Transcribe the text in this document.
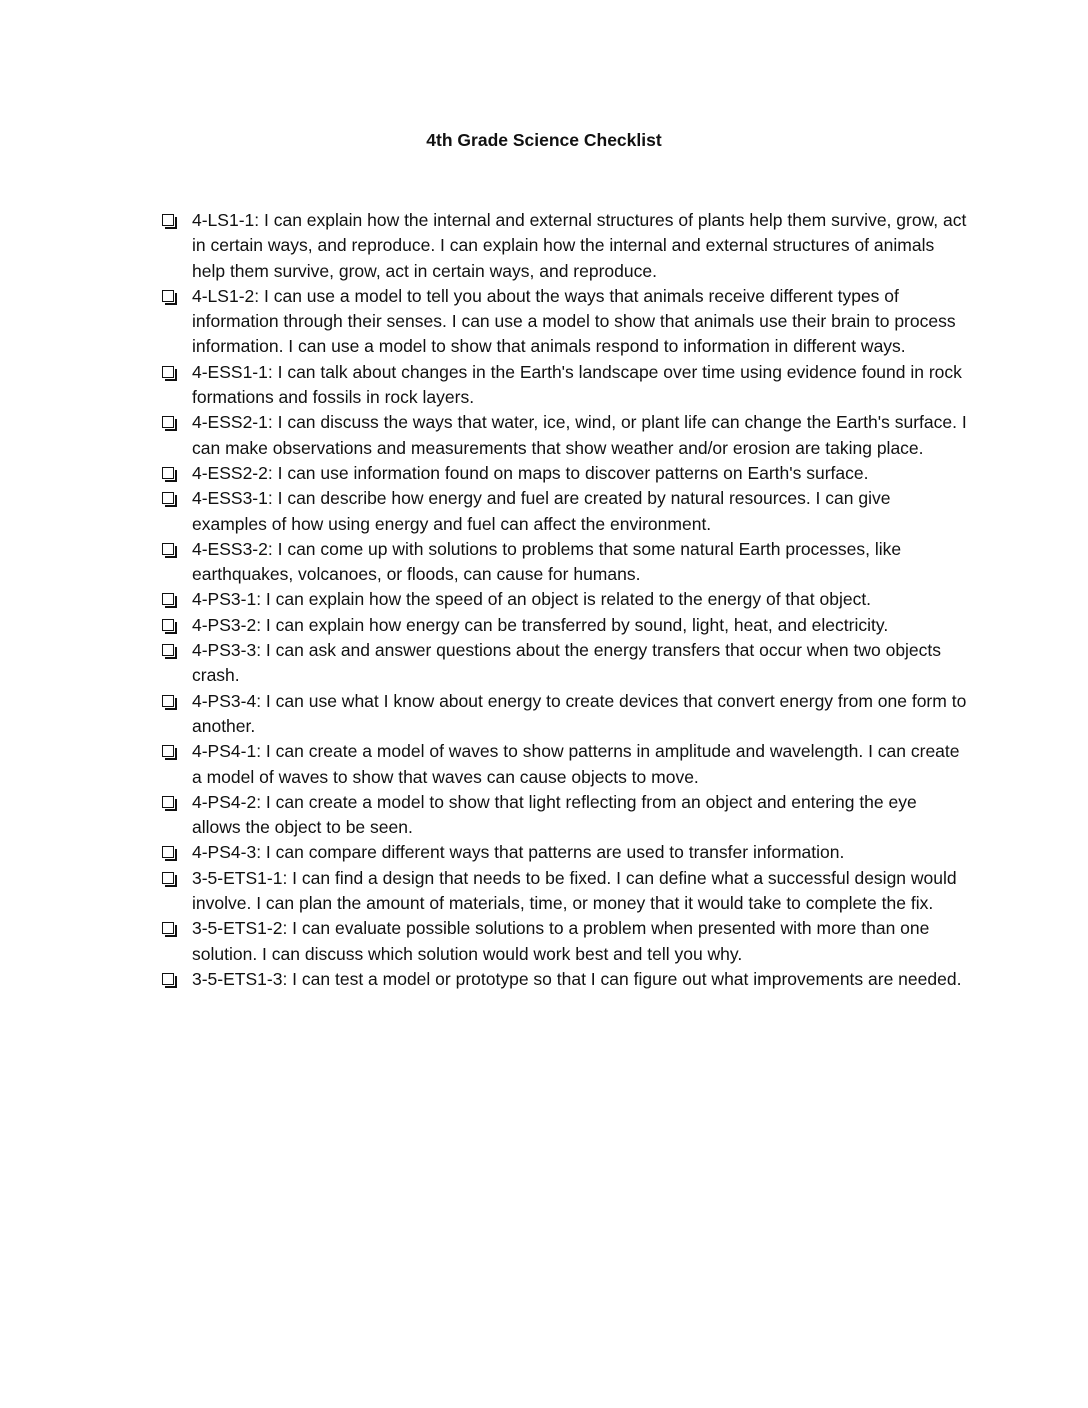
4th Grade Science Checklist
4-LS1-1: I can explain how the internal and external structures of plants help them survive, grow, act in certain ways, and reproduce. I can explain how the internal and external structures of animals help them survive, grow, act in certain ways, and reproduce.
4-LS1-2: I can use a model to tell you about the ways that animals receive different types of information through their senses. I can use a model to show that animals use their brain to process information. I can use a model to show that animals respond to information in different ways.
4-ESS1-1: I can talk about changes in the Earth's landscape over time using evidence found in rock formations and fossils in rock layers.
4-ESS2-1: I can discuss the ways that water, ice, wind, or plant life can change the Earth's surface. I can make observations and measurements that show weather and/or erosion are taking place.
4-ESS2-2: I can use information found on maps to discover patterns on Earth's surface.
4-ESS3-1: I can describe how energy and fuel are created by natural resources. I can give examples of how using energy and fuel can affect the environment.
4-ESS3-2: I can come up with solutions to problems that some natural Earth processes, like earthquakes, volcanoes, or floods, can cause for humans.
4-PS3-1: I can explain how the speed of an object is related to the energy of that object.
4-PS3-2: I can explain how energy can be transferred by sound, light, heat, and electricity.
4-PS3-3: I can ask and answer questions about the energy transfers that occur when two objects crash.
4-PS3-4: I can use what I know about energy to create devices that convert energy from one form to another.
4-PS4-1: I can create a model of waves to show patterns in amplitude and wavelength. I can create a model of waves to show that waves can cause objects to move.
4-PS4-2: I can create a model to show that light reflecting from an object and entering the eye allows the object to be seen.
4-PS4-3: I can compare different ways that patterns are used to transfer information.
3-5-ETS1-1: I can find a design that needs to be fixed. I can define what a successful design would involve. I can plan the amount of materials, time, or money that it would take to complete the fix.
3-5-ETS1-2: I can evaluate possible solutions to a problem when presented with more than one solution. I can discuss which solution would work best and tell you why.
3-5-ETS1-3: I can test a model or prototype so that I can figure out what improvements are needed.
